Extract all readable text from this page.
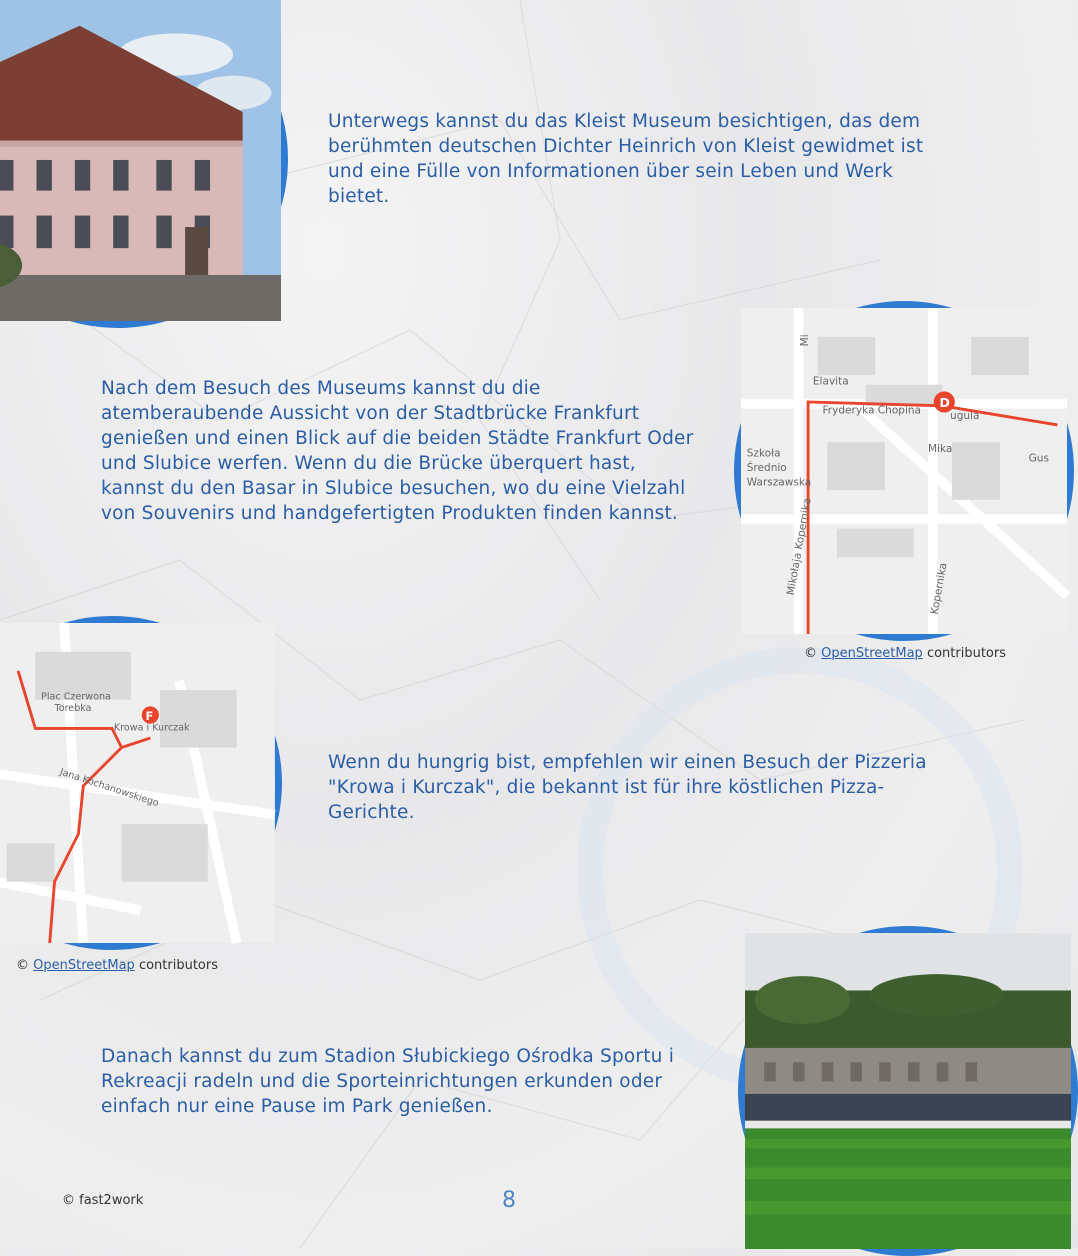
Unterwegs kannst du das Kleist Museum besichtigen, das dem berühmten deutschen Dichter Heinrich von Kleist gewidmet ist und eine Fülle von Informationen über sein Leben und Werk bietet.
D
Elavita
Fryderyka Chopina	ugula
Mika
Gus
Szkoła
Średnio
Warszawska
Mi
Mikołaja Kopernika	Kopernika
Nach dem Besuch des Museums kannst du die atemberaubende Aussicht von der Stadtbrücke Frankfurt genießen und einen Blick auf die beiden Städte Frankfurt Oder und Slubice werfen. Wenn du die Brücke überquert hast, kannst du den Basar in Slubice besuchen, wo du eine Vielzahl von Souvenirs und handgefertigten Produkten finden kannst.
© OpenStreetMap contributors
F
Plac Czerwona
Torebka
Krowa i Kurczak
Jana Kochanowskiego
Wenn du hungrig bist, empfehlen wir einen Besuch der Pizzeria "Krowa i Kurczak", die bekannt ist für ihre köstlichen Pizza-Gerichte.
© OpenStreetMap contributors
Danach kannst du zum Stadion Słubickiego Ośrodka Sportu i Rekreacji radeln und die Sporteinrichtungen erkunden oder einfach nur eine Pause im Park genießen.
© fast2work	8
